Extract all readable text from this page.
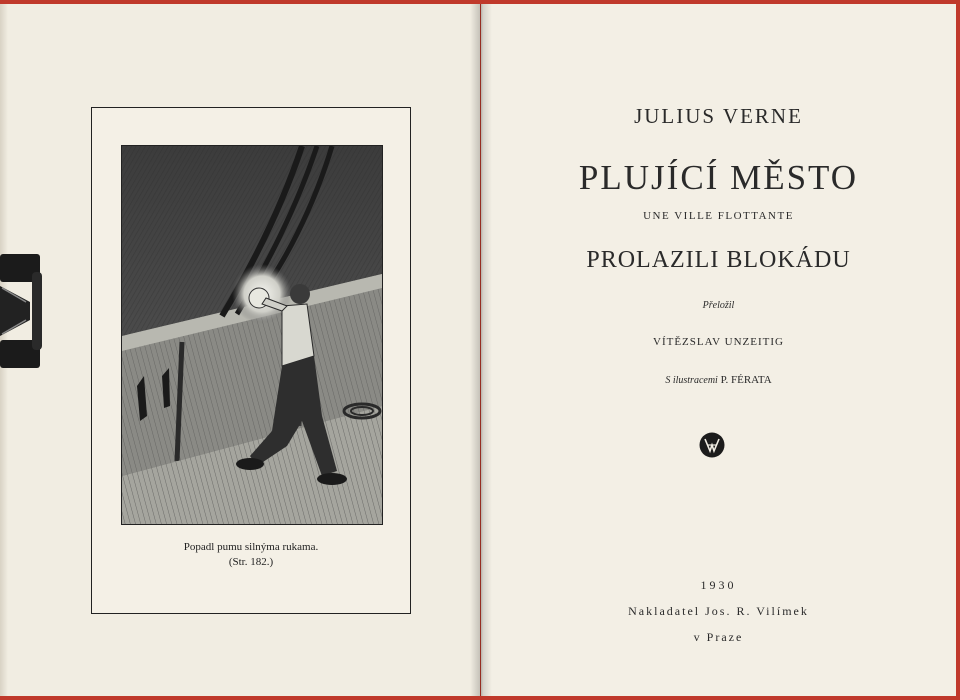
Popadl pumu silnýma rukama.
(Str. 182.)
JULIUS VERNE
PLUJÍCÍ MĚSTO
UNE VILLE FLOTTANTE
PROLAZILI BLOKÁDU
Přeložil
VÍTĚZSLAV UNZEITIG
S ilustracemi P. FÉRATA
1930
Nakladatel Jos. R. Vilímek
v Praze
